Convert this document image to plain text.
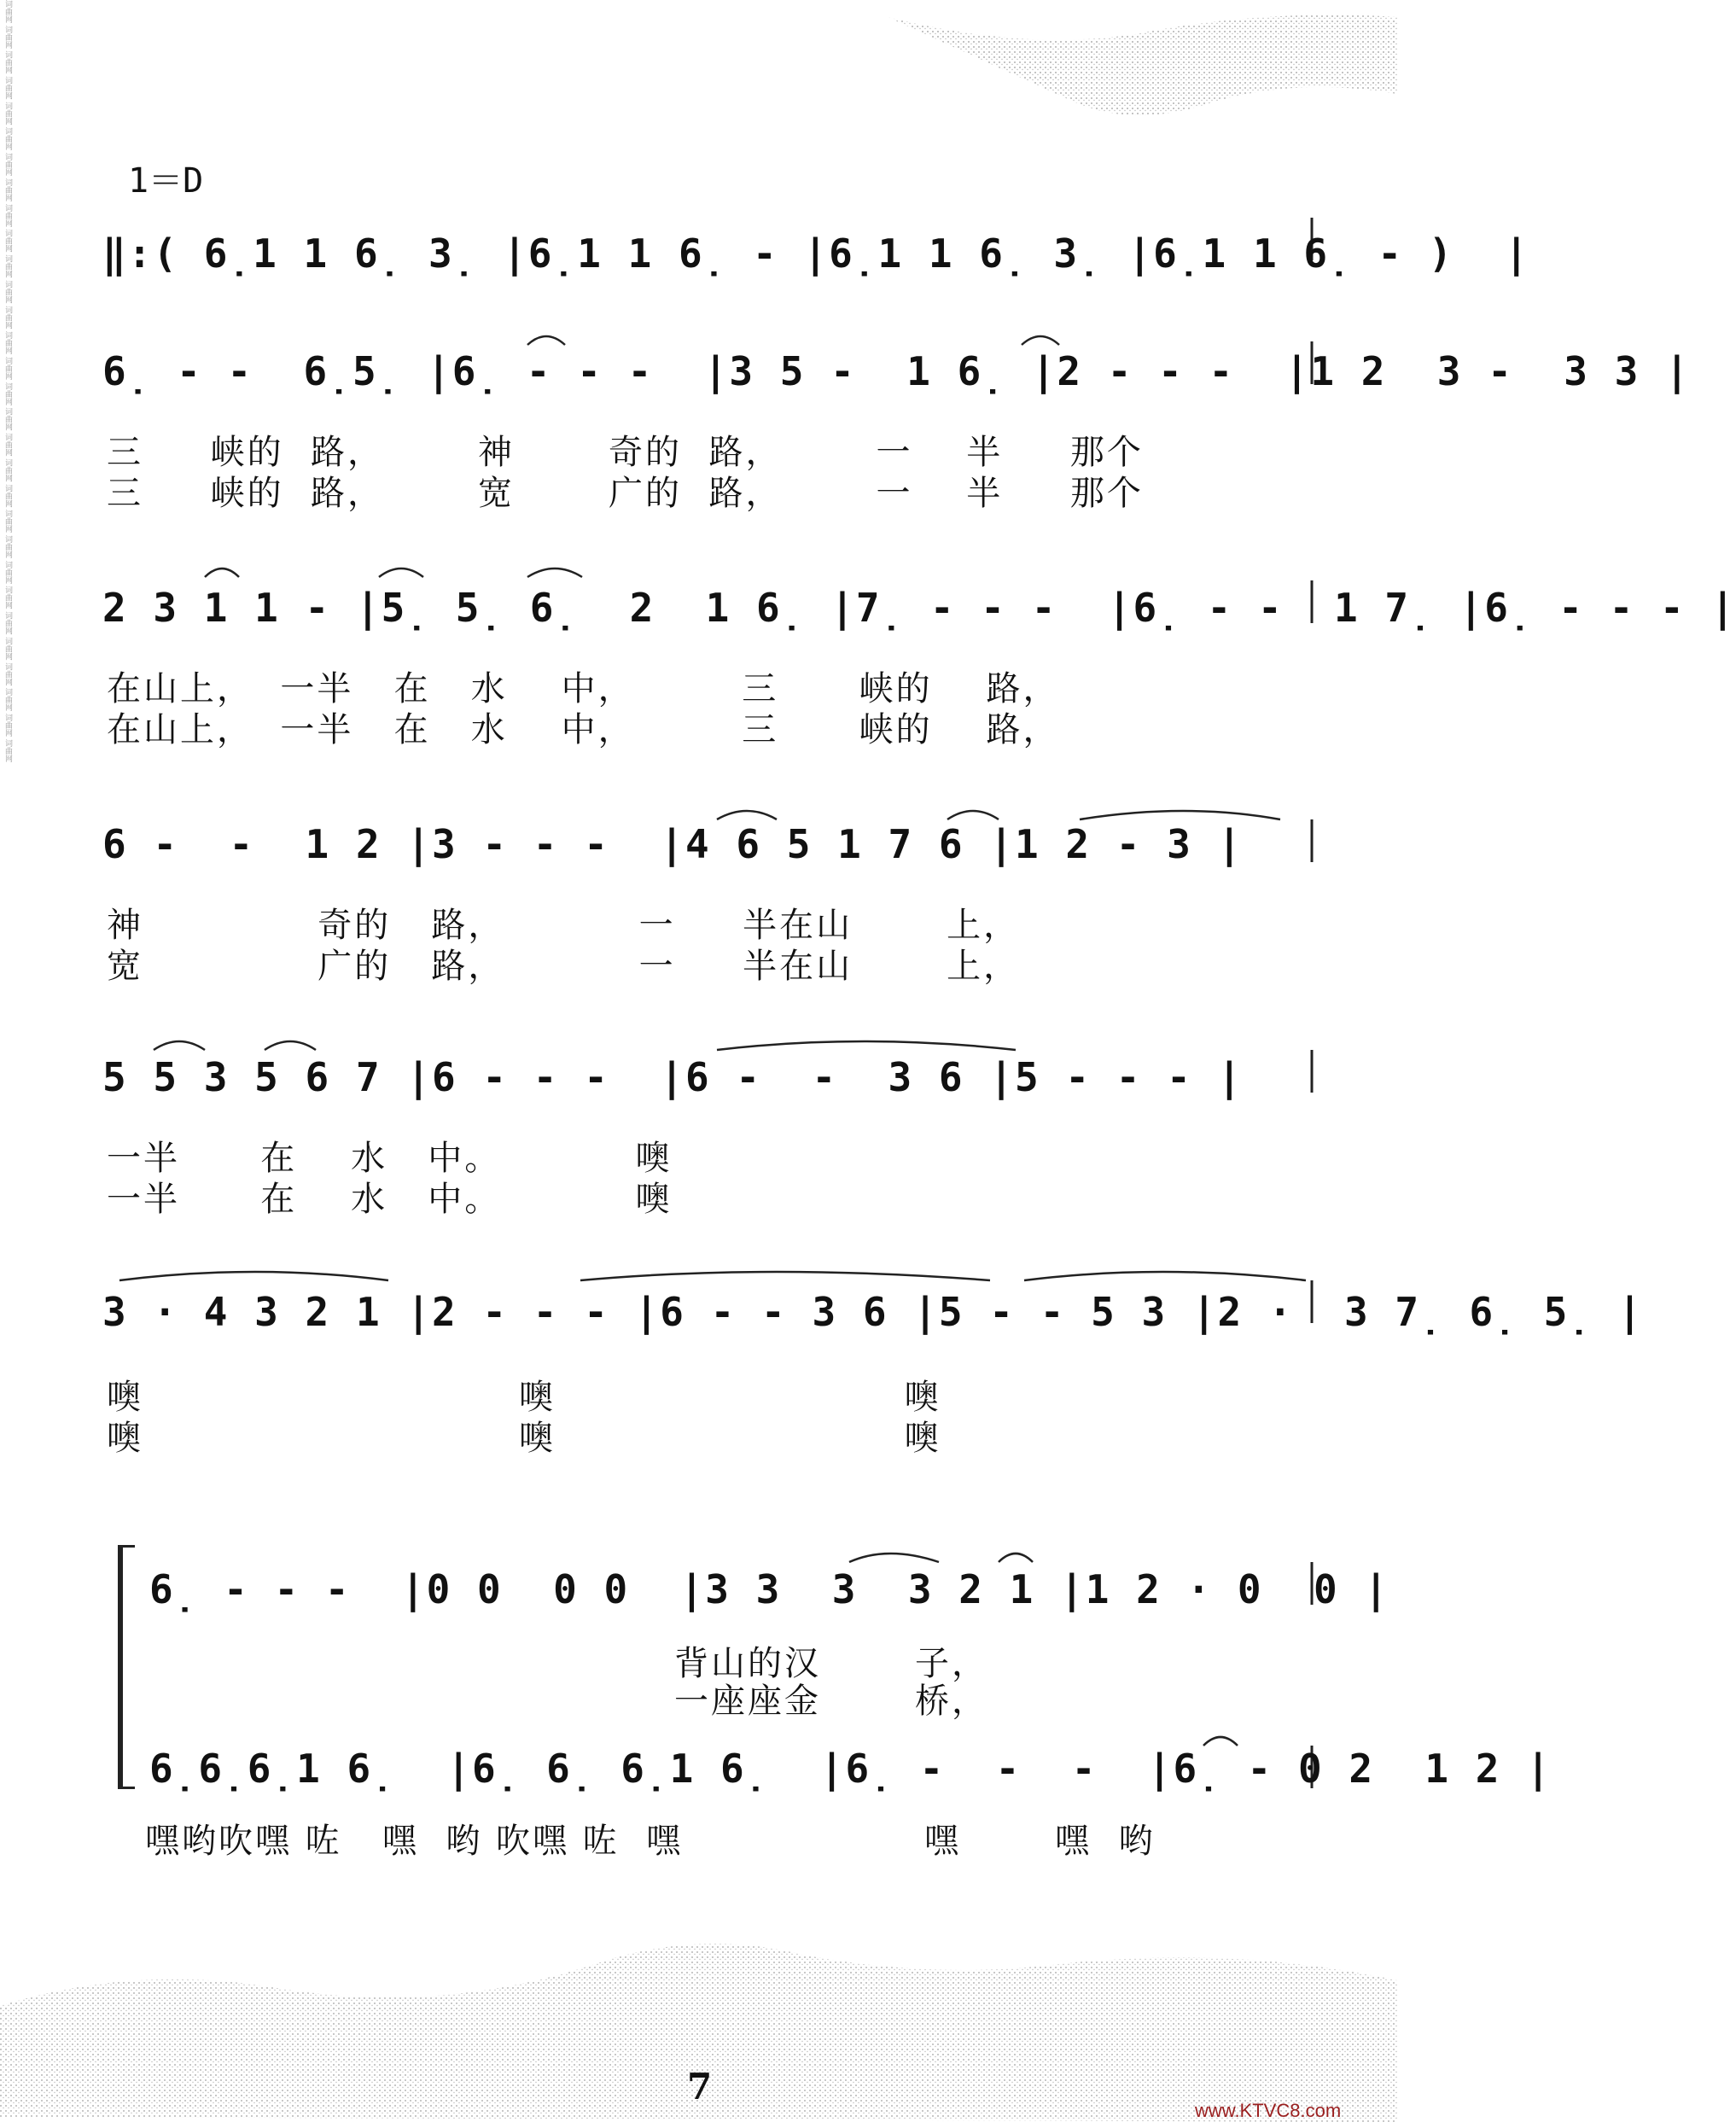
词曲网 词曲网 词曲网 词曲网 词曲网 词曲网 词曲网 词曲网 词曲网 词曲网 词曲网 词曲网 词曲网 词曲网 词曲网 词曲网 词曲网 词曲网 词曲网 词曲网 词曲网 词曲网 词曲网 词曲网 词曲网 词曲网 词曲网 词曲网 词曲网 词曲网	1＝D
‖:( 6̣1 1 6̣ 3̣ |6̣1 1 6̣ - |6̣1 1 6̣ 3̣ |6̣1 1 6̣ - )  |
6̣ - -  6̣5̣ |6̣ - - -  |3 5 -  1 6̣ |2 - - -  |1 2  3 -  3 3 |
三     峡的  路，       神       奇的  路，       一    半     那个
三     峡的  路，       宽       广的  路，       一    半     那个
2 3 1 1 - |5̣ 5̣ 6̣  2  1 6̣ |7̣ - - -  |6̣ - -  1 7̣ |6̣ - - - |
在山上，  一半   在   水    中，        三      峡的    路，
在山上，  一半   在   水    中，        三      峡的    路，
6 -  -  1 2 |3 - - -  |4 6 5 1 7 6 |1 2 - 3 |
神             奇的   路，          一     半在山       上，
宽             广的   路，          一     半在山       上，
5 5 3 5 6 7 |6 - - -  |6 -  -  3 6 |5 - - - |
一半      在    水   中。          噢
一半      在    水   中。          噢
3 · 4 3 2 1 |2 - - - |6 - - 3 6 |5 - - 5 3 |2 ·  3 7̣ 6̣ 5̣ |
噢                            噢                          噢
噢                            噢                          噢
6̣ - - -  |0 0  0 0  |3 3  3  3 2 1 |1 2 · 0  0 |
背山的汉       子，
一座座金       桥，
6̣6̣6̣1 6̣  |6̣ 6̣ 6̣1 6̣  |6̣ -  -  -  |6̣ - 0 2  1 2 |
嘿哟吹嘿 咗   嘿  哟 吹嘿 咗  嘿                  嘿       嘿  哟
7
www.KTVC8.com
